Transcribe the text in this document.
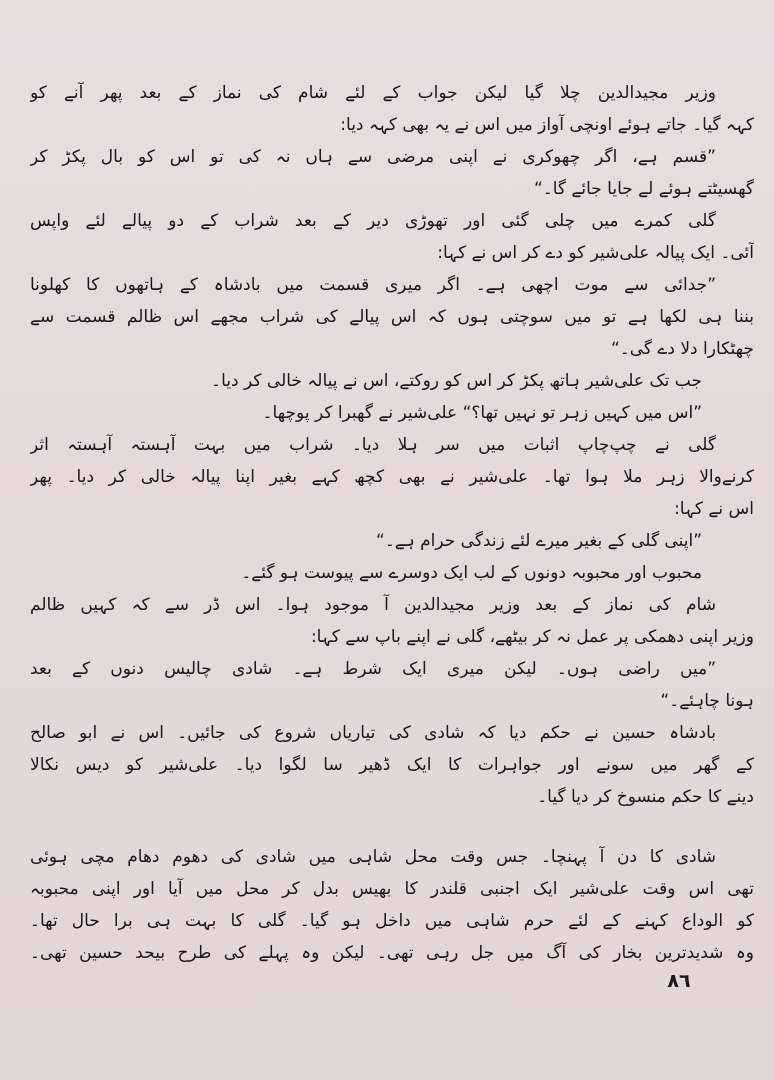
وزیر مجیدالدین چلا گیا لیکن جواب کے لئے شام کی نماز کے بعد پھر آنے کو
کہہ گیا۔ جاتے ہوئے اونچی آواز میں اس نے یہ بھی کہہ دیا:
”قسم ہے، اگر چھوکری نے اپنی مرضی سے ہاں نہ کی تو اس کو بال پکڑ کر
گھسیٹتے ہوئے لے جایا جائے گا۔“
گلی کمرے میں چلی گئی اور تھوڑی دیر کے بعد شراب کے دو پیالے لئے واپس
آئی۔ ایک پیالہ علی‌شیر کو دے کر اس نے کہا:
”جدائی سے موت اچھی ہے۔ اگر میری قسمت میں بادشاہ کے ہاتھوں کا کھلونا
بننا ہی لکھا ہے تو میں سوچتی ہوں کہ اس پیالے کی شراب مجھے اس ظالم قسمت سے
چھٹکارا دلا دے گی۔“
جب تک علی‌شیر ہاتھ پکڑ کر اس کو روکتے، اس نے پیالہ خالی کر دیا۔
”اس میں کہیں زہر تو نہیں تھا؟“ علی‌شیر نے گھبرا کر پوچھا۔
گلی نے چپ‌چاپ اثبات میں سر ہلا دیا۔ شراب میں بہت آہستہ آہستہ اثر
کرنے‌والا زہر ملا ہوا تھا۔ علی‌شیر نے بھی کچھ کہے بغیر اپنا پیالہ خالی کر دیا۔ پھر
اس نے کہا:
”اپنی گلی کے بغیر میرے لئے زندگی حرام ہے۔“
محبوب اور محبوبہ دونوں کے لب ایک دوسرے سے پیوست ہو گئے۔
شام کی نماز کے بعد وزیر مجیدالدین آ موجود ہوا۔ اس ڈر سے کہ کہیں ظالم
وزیر اپنی دھمکی پر عمل نہ کر بیٹھے، گلی نے اپنے باپ سے کہا:
”میں راضی ہوں۔ لیکن میری ایک شرط ہے۔ شادی چالیس دنوں کے بعد
ہونا چاہئے۔“
بادشاہ حسین نے حکم دیا کہ شادی کی تیاریاں شروع کی جائیں۔ اس نے ابو صالح
کے گھر میں سونے اور جواہرات کا ایک ڈھیر سا لگوا دیا۔ علی‌شیر کو دیس نکالا
دینے کا حکم منسوخ کر دیا گیا۔
شادی کا دن آ پہنچا۔ جس وقت محل شاہی میں شادی کی دھوم دھام مچی ہوئی
تھی اس وقت علی‌شیر ایک اجنبی قلندر کا بھیس بدل کر محل میں آیا اور اپنی محبوبہ
کو الوداع کہنے کے لئے حرم شاہی میں داخل ہو گیا۔ گلی کا بہت ہی برا حال تھا۔
وہ شدیدترین بخار کی آگ میں جل رہی تھی۔ لیکن وہ پہلے کی طرح بیحد حسین تھی۔
٨٦
